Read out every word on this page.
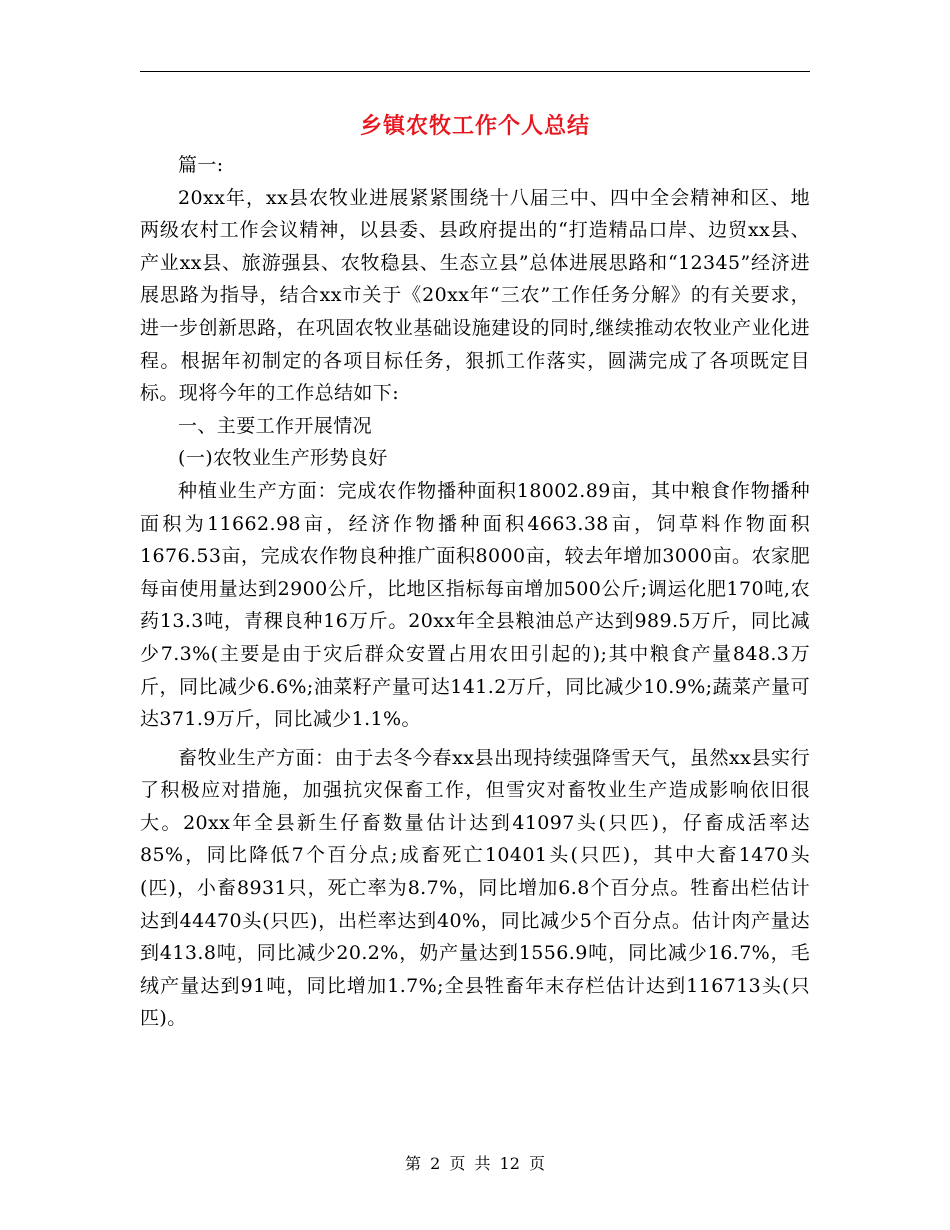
乡镇农牧工作个人总结

篇一:

20xx年，xx县农牧业进展紧紧围绕十八届三中、四中全会精神和区、地两级农村工作会议精神，以县委、县政府提出的“打造精品口岸、边贸xx县、产业xx县、旅游强县、农牧稳县、生态立县”总体进展思路和“12345”经济进展思路为指导，结合xx市关于《20xx年“三农”工作任务分解》的有关要求，进一步创新思路，在巩固农牧业基础设施建设的同时,继续推动农牧业产业化进程。根据年初制定的各项目标任务，狠抓工作落实，圆满完成了各项既定目标。现将今年的工作总结如下:

一、主要工作开展情况

(一)农牧业生产形势良好

种植业生产方面：完成农作物播种面积18002.89亩，其中粮食作物播种面积为11662.98亩，经济作物播种面积4663.38亩，饲草料作物面积1676.53亩，完成农作物良种推广面积8000亩，较去年增加3000亩。农家肥每亩使用量达到2900公斤，比地区指标每亩增加500公斤;调运化肥170吨,农药13.3吨，青稞良种16万斤。20xx年全县粮油总产达到989.5万斤，同比减少7.3%(主要是由于灾后群众安置占用农田引起的);其中粮食产量848.3万斤，同比减少6.6%;油菜籽产量可达141.2万斤，同比减少10.9%;蔬菜产量可达371.9万斤，同比减少1.1%。

畜牧业生产方面：由于去冬今春xx县出现持续强降雪天气，虽然xx县实行了积极应对措施，加强抗灾保畜工作，但雪灾对畜牧业生产造成影响依旧很大。20xx年全县新生仔畜数量估计达到41097头(只匹)，仔畜成活率达85%，同比降低7个百分点;成畜死亡10401头(只匹)，其中大畜1470头(匹)，小畜8931只，死亡率为8.7%，同比增加6.8个百分点。牲畜出栏估计达到44470头(只匹)，出栏率达到40%，同比减少5个百分点。估计肉产量达到413.8吨，同比减少20.2%，奶产量达到1556.9吨，同比减少16.7%，毛绒产量达到91吨，同比增加1.7%;全县牲畜年末存栏估计达到116713头(只匹)。

第 2 页 共 12 页
